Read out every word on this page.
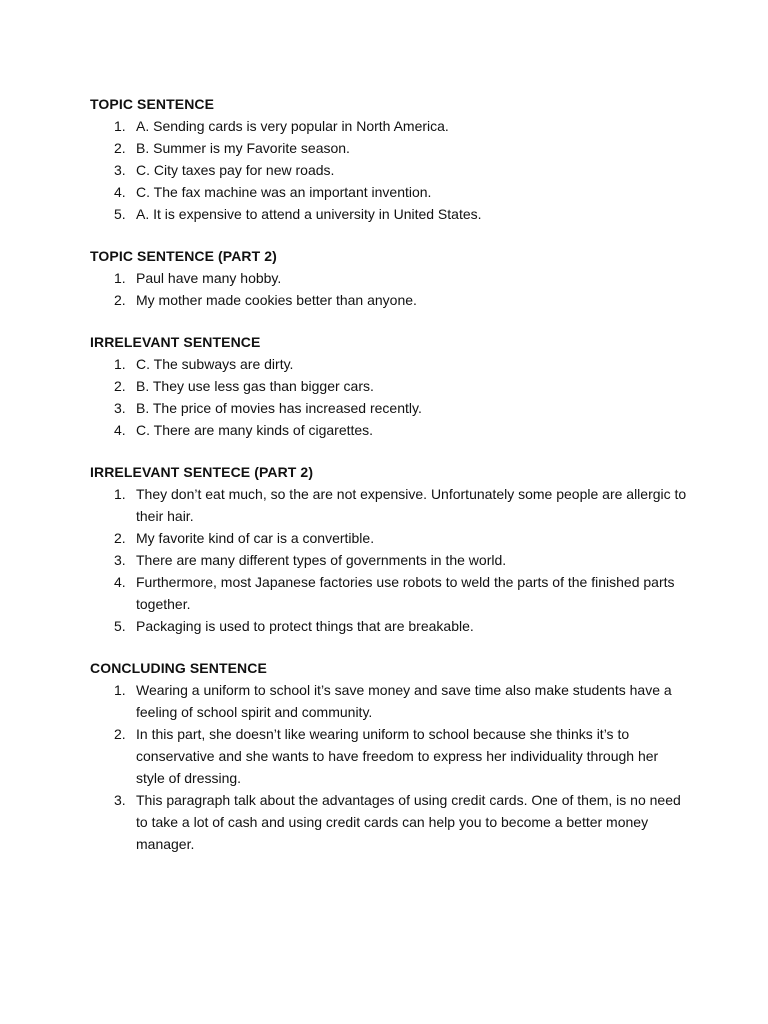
TOPIC SENTENCE
1. A. Sending cards is very popular in North America.
2. B. Summer is my Favorite season.
3. C. City taxes pay for new roads.
4. C. The fax machine was an important invention.
5. A. It is expensive to attend a university in United States.
TOPIC SENTENCE (PART 2)
1. Paul have many hobby.
2. My mother made cookies better than anyone.
IRRELEVANT SENTENCE
1. C. The subways are dirty.
2. B. They use less gas than bigger cars.
3. B. The price of movies has increased recently.
4. C. There are many kinds of cigarettes.
IRRELEVANT SENTECE (PART 2)
1. They don’t eat much, so the are not expensive. Unfortunately some people are allergic to their hair.
2. My favorite kind of car is a convertible.
3. There are many different types of governments in the world.
4. Furthermore, most Japanese factories use robots to weld the parts of the finished parts together.
5. Packaging is used to protect things that are breakable.
CONCLUDING SENTENCE
1. Wearing a uniform to school it’s save money and save time also make students have a feeling of school spirit and community.
2. In this part, she doesn’t like wearing uniform to school because she thinks it’s to conservative and she wants to have freedom to express her individuality through her style of dressing.
3. This paragraph talk about the advantages of using credit cards. One of them, is no need to take a lot of cash and using credit cards can help you to become a better money manager.
